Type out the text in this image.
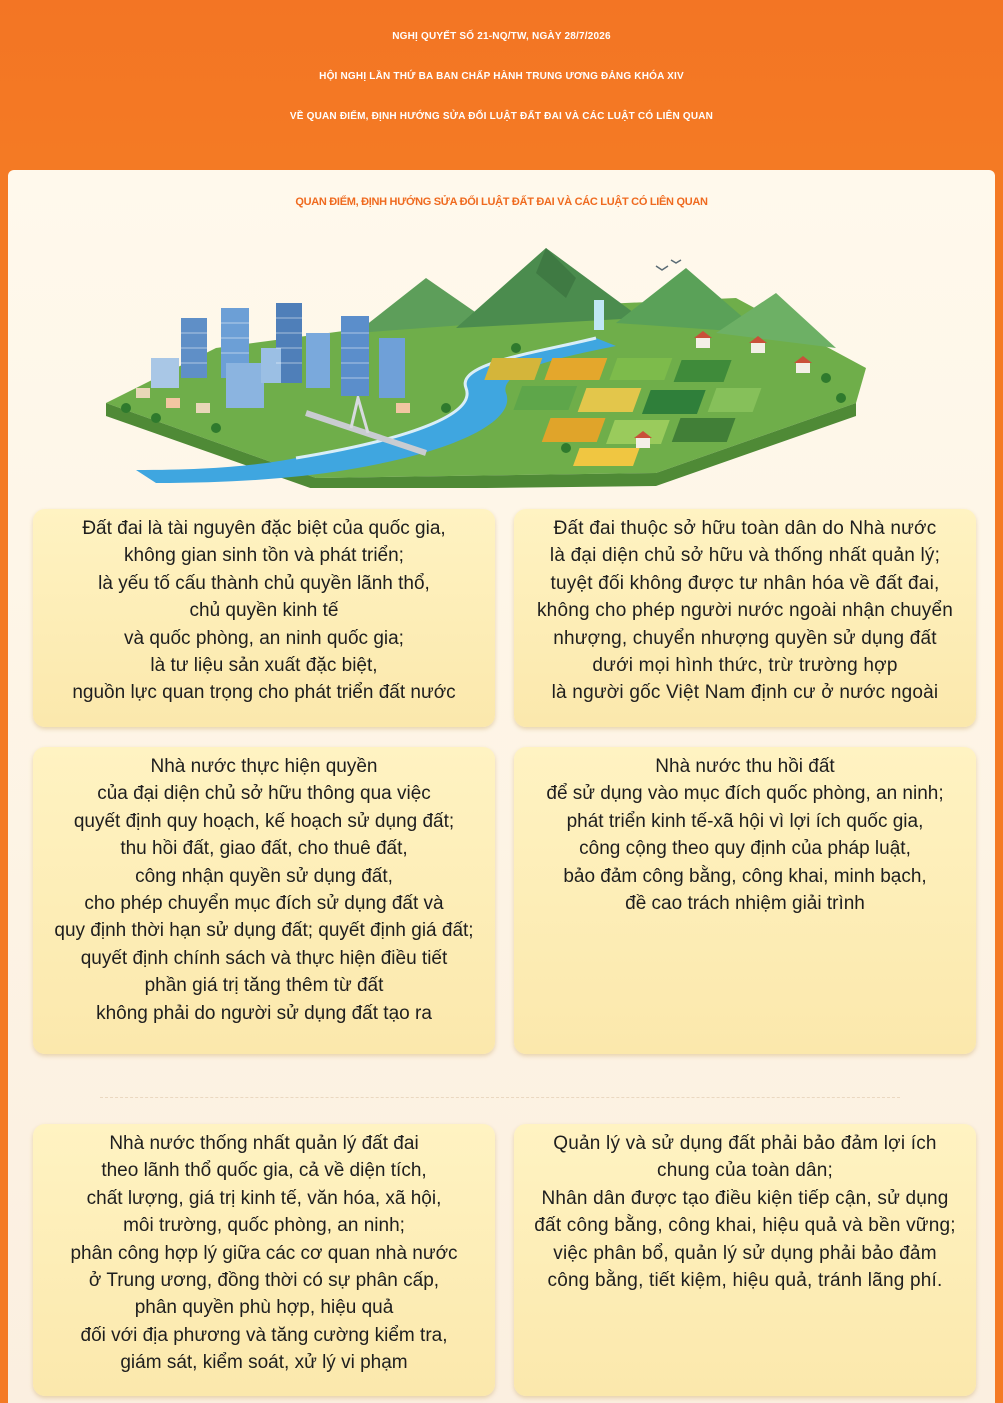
NGHỊ QUYẾT SỐ 21-NQ/TW, NGÀY 28/7/2026
HỘI NGHỊ LẦN THỨ BA BAN CHẤP HÀNH TRUNG ƯƠNG ĐẢNG KHÓA XIV
VỀ QUAN ĐIỂM, ĐỊNH HƯỚNG SỬA ĐỔI LUẬT ĐẤT ĐAI VÀ CÁC LUẬT CÓ LIÊN QUAN
QUAN ĐIỂM, ĐỊNH HƯỚNG SỬA ĐỔI LUẬT ĐẤT ĐAI VÀ CÁC LUẬT CÓ LIÊN QUAN
Đất đai là tài nguyên đặc biệt của quốc gia,
không gian sinh tồn và phát triển;
là yếu tố cấu thành chủ quyền lãnh thổ,
chủ quyền kinh tế
và quốc phòng, an ninh quốc gia;
là tư liệu sản xuất đặc biệt,
nguồn lực quan trọng cho phát triển đất nước
Đất đai thuộc sở hữu toàn dân do Nhà nước
là đại diện chủ sở hữu và thống nhất quản lý;
tuyệt đối không được tư nhân hóa về đất đai,
không cho phép người nước ngoài nhận chuyển
nhượng, chuyển nhượng quyền sử dụng đất
dưới mọi hình thức, trừ trường hợp
là người gốc Việt Nam định cư ở nước ngoài
Nhà nước thực hiện quyền
của đại diện chủ sở hữu thông qua việc
quyết định quy hoạch, kế hoạch sử dụng đất;
thu hồi đất, giao đất, cho thuê đất,
công nhận quyền sử dụng đất,
cho phép chuyển mục đích sử dụng đất và
quy định thời hạn sử dụng đất; quyết định giá đất;
quyết định chính sách và thực hiện điều tiết
phần giá trị tăng thêm từ đất
không phải do người sử dụng đất tạo ra
Nhà nước thu hồi đất
để sử dụng vào mục đích quốc phòng, an ninh;
phát triển kinh tế-xã hội vì lợi ích quốc gia,
công cộng theo quy định của pháp luật,
bảo đảm công bằng, công khai, minh bạch,
đề cao trách nhiệm giải trình
Nhà nước thống nhất quản lý đất đai
theo lãnh thổ quốc gia, cả về diện tích,
chất lượng, giá trị kinh tế, văn hóa, xã hội,
môi trường, quốc phòng, an ninh;
phân công hợp lý giữa các cơ quan nhà nước
ở Trung ương, đồng thời có sự phân cấp,
phân quyền phù hợp, hiệu quả
đối với địa phương và tăng cường kiểm tra,
giám sát, kiểm soát, xử lý vi phạm
Quản lý và sử dụng đất phải bảo đảm lợi ích
chung của toàn dân;
Nhân dân được tạo điều kiện tiếp cận, sử dụng
đất công bằng, công khai, hiệu quả và bền vững;
việc phân bổ, quản lý sử dụng phải bảo đảm
công bằng, tiết kiệm, hiệu quả, tránh lãng phí.
